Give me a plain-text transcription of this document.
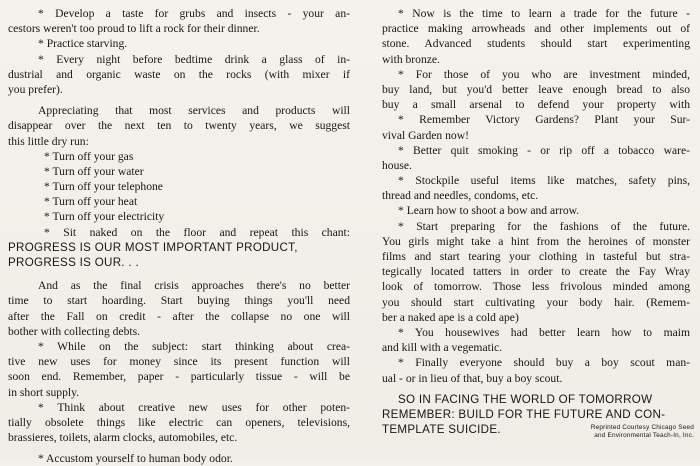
* Develop a taste for grubs and insects - your an-
cestors weren't too proud to lift a rock for their dinner.
* Practice starving.
* Every night before bedtime drink a glass of in-
dustrial and organic waste on the rocks (with mixer if
you prefer).
Appreciating that most services and products will
disappear over the next ten to twenty years, we suggest
this little dry run:
* Turn off your gas
* Turn off your water
* Turn off your telephone
* Turn off your heat
* Turn off your electricity
* Sit naked on the floor and repeat this chant:
PROGRESS IS OUR MOST IMPORTANT PRODUCT,
PROGRESS IS OUR. . .
And as the final crisis approaches there's no better
time to start hoarding. Start buying things you'll need
after the Fall on credit - after the collapse no one will
bother with collecting debts.
* While on the subject: start thinking about crea-
tive new uses for money since its present function will
soon end. Remember, paper - particularly tissue - will be
in short supply.
* Think about creative new uses for other poten-
tially obsolete things like electric can openers, televisions,
brassieres, toilets, alarm clocks, automobiles, etc.
* Accustom yourself to human body odor.
* Now is the time to learn a trade for the future -
practice making arrowheads and other implements out of
stone. Advanced students should start experimenting
with bronze.
* For those of you who are investment minded,
buy land, but you'd better leave enough bread to also
buy a small arsenal to defend your property with
* Remember Victory Gardens? Plant your Sur-
vival Garden now!
* Better quit smoking - or rip off a tobacco ware-
house.
* Stockpile useful items like matches, safety pins,
thread and needles, condoms, etc.
* Learn how to shoot a bow and arrow.
* Start preparing for the fashions of the future.
You girls might take a hint from the heroines of monster
films and start tearing your clothing in tasteful but stra-
tegically located tatters in order to create the Fay Wray
look of tomorrow. Those less frivolous minded among
you should start cultivating your body hair. (Remem-
ber a naked ape is a cold ape)
* You housewives had better learn how to maim
and kill with a vegematic.
* Finally everyone should buy a boy scout man-
ual - or in lieu of that, buy a boy scout.
SO IN FACING THE WORLD OF TOMORROW
REMEMBER: BUILD FOR THE FUTURE AND CON-
TEMPLATE SUICIDE.	Reprinted Courtesy Chicago Seed
and Environmental Teach-In, Inc.
